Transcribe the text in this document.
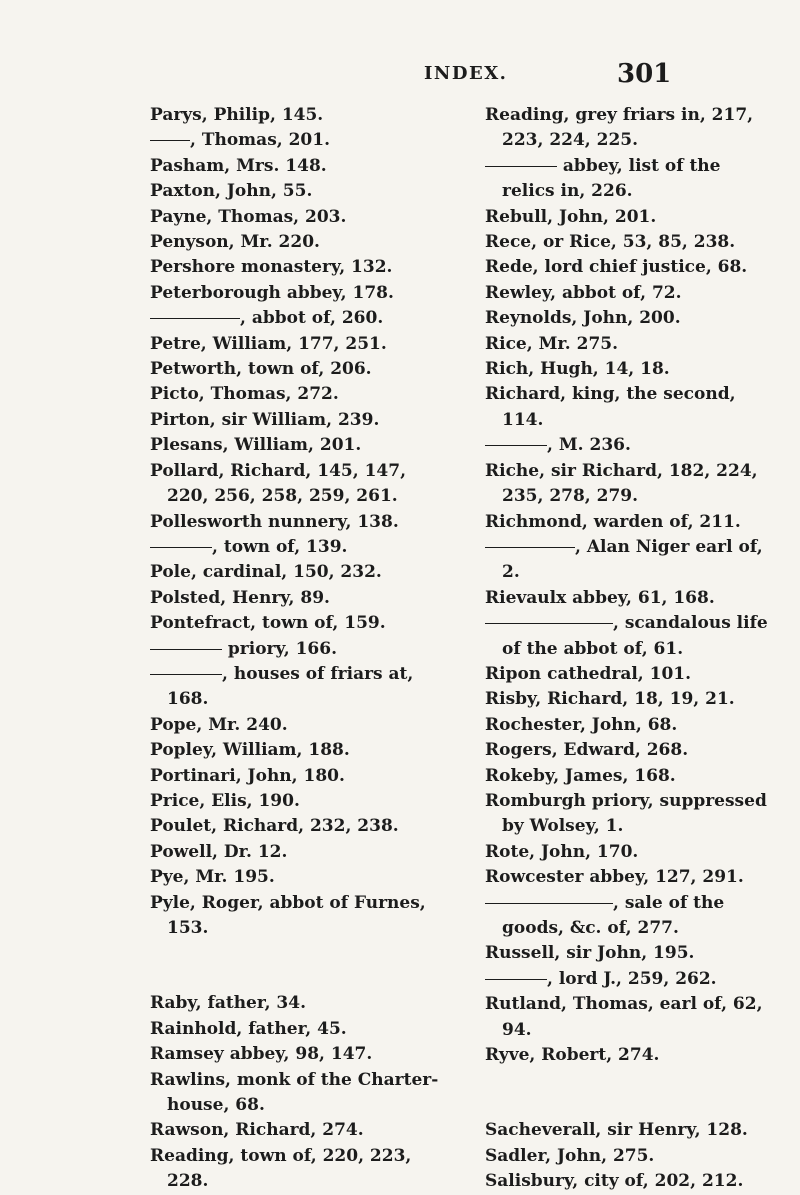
INDEX.	301

Parys, Philip, 145.

, Thomas, 201.

Pasham, Mrs. 148.

Paxton, John, 55.

Payne, Thomas, 203.

Penyson, Mr. 220.

Pershore monastery, 132.

Peterborough abbey, 178.

, abbot of, 260.

Petre, William, 177, 251.

Petworth, town of, 206.

Picto, Thomas, 272.

Pirton, sir William, 239.

Plesans, William, 201.

Pollard, Richard, 145, 147, 220, 256, 258, 259, 261.

Pollesworth nunnery, 138.

, town of, 139.

Pole, cardinal, 150, 232.

Polsted, Henry, 89.

Pontefract, town of, 159.

priory, 166.

, houses of friars at, 168.

Pope, Mr. 240.

Popley, William, 188.

Portinari, John, 180.

Price, Elis, 190.

Poulet, Richard, 232, 238.

Powell, Dr. 12.

Pye, Mr. 195.

Pyle, Roger, abbot of Furnes, 153.

Raby, father, 34.

Rainhold, father, 45.

Ramsey abbey, 98, 147.

Rawlins, monk of the Charter-house, 68.

Rawson, Richard, 274.

Reading, town of, 220, 223, 228.

Reading, grey friars in, 217, 223, 224, 225.

abbey, list of the relics in, 226.

Rebull, John, 201.

Rece, or Rice, 53, 85, 238.

Rede, lord chief justice, 68.

Rewley, abbot of, 72.

Reynolds, John, 200.

Rice, Mr. 275.

Rich, Hugh, 14, 18.

Richard, king, the second, 114.

, M. 236.

Riche, sir Richard, 182, 224, 235, 278, 279.

Richmond, warden of, 211.

, Alan Niger earl of, 2.

Rievaulx abbey, 61, 168.

, scandalous life of the abbot of, 61.

Ripon cathedral, 101.

Risby, Richard, 18, 19, 21.

Rochester, John, 68.

Rogers, Edward, 268.

Rokeby, James, 168.

Romburgh priory, suppressed by Wolsey, 1.

Rote, John, 170.

Rowcester abbey, 127, 291.

, sale of the goods, &c. of, 277.

Russell, sir John, 195.

, lord J., 259, 262.

Rutland, Thomas, earl of, 62, 94.

Ryve, Robert, 274.

Sacheverall, sir Henry, 128.

Sadler, John, 275.

Salisbury, city of, 202, 212.
